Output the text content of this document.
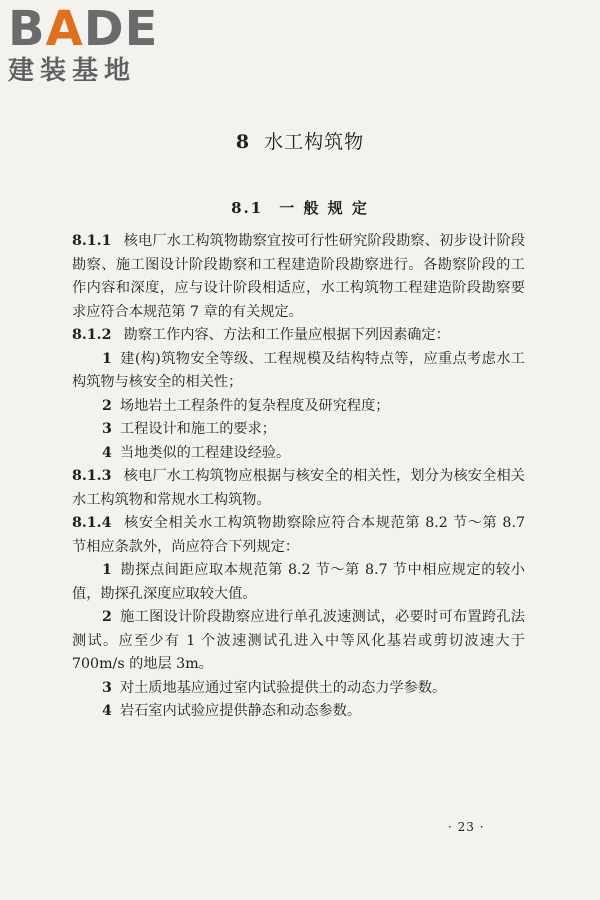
B A D E
建装基地
8 水工构筑物
8.1 一 般 规 定

8.1.1 核电厂水工构筑物勘察宜按可行性研究阶段勘察、初步设计阶段勘察、施工图设计阶段勘察和工程建造阶段勘察进行。各勘察阶段的工作内容和深度，应与设计阶段相适应，水工构筑物工程建造阶段勘察要求应符合本规范第 7 章的有关规定。

8.1.2 勘察工作内容、方法和工作量应根据下列因素确定：

1 建(构)筑物安全等级、工程规模及结构特点等，应重点考虑水工构筑物与核安全的相关性；

2 场地岩土工程条件的复杂程度及研究程度；

3 工程设计和施工的要求；

4 当地类似的工程建设经验。

8.1.3 核电厂水工构筑物应根据与核安全的相关性，划分为核安全相关水工构筑物和常规水工构筑物。

8.1.4 核安全相关水工构筑物勘察除应符合本规范第 8.2 节～第 8.7 节相应条款外，尚应符合下列规定：

1 勘探点间距应取本规范第 8.2 节～第 8.7 节中相应规定的较小值，勘探孔深度应取较大值。

2 施工图设计阶段勘察应进行单孔波速测试，必要时可布置跨孔法测试。应至少有 1 个波速测试孔进入中等风化基岩或剪切波速大于 700m/s 的地层 3m。

3 对土质地基应通过室内试验提供土的动态力学参数。

4 岩石室内试验应提供静态和动态参数。

· 23 ·
